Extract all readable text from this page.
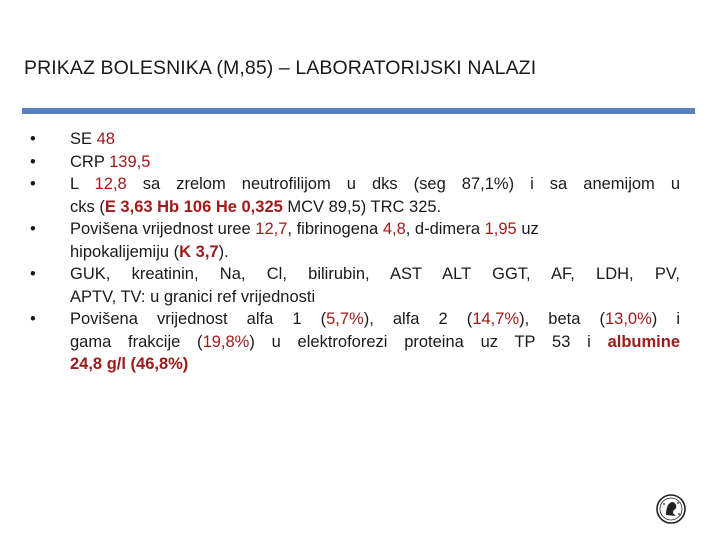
PRIKAZ BOLESNIKA (M,85) – LABORATORIJSKI NALAZI
•	SE 48
•	CRP 139,5
•	L 12,8 sa zrelom neutrofilijom u dks (seg 87,1%) i sa anemijom u
cks (E 3,63 Hb 106 He 0,325 MCV 89,5) TRC 325.
•	Povišena vrijednost uree 12,7, fibrinogena 4,8, d-dimera 1,95 uz
hipokalijemiju (K 3,7).
•	GUK, kreatinin, Na, Cl, bilirubin, AST ALT GGT, AF, LDH, PV,
APTV, TV: u granici ref vrijednosti
•	Povišena vrijednost alfa 1 (5,7%), alfa 2 (14,7%), beta (13,0%) i
gama frakcije (19,8%) u elektroforezi proteina uz TP 53 i albumine
24,8 g/l (46,8%)
